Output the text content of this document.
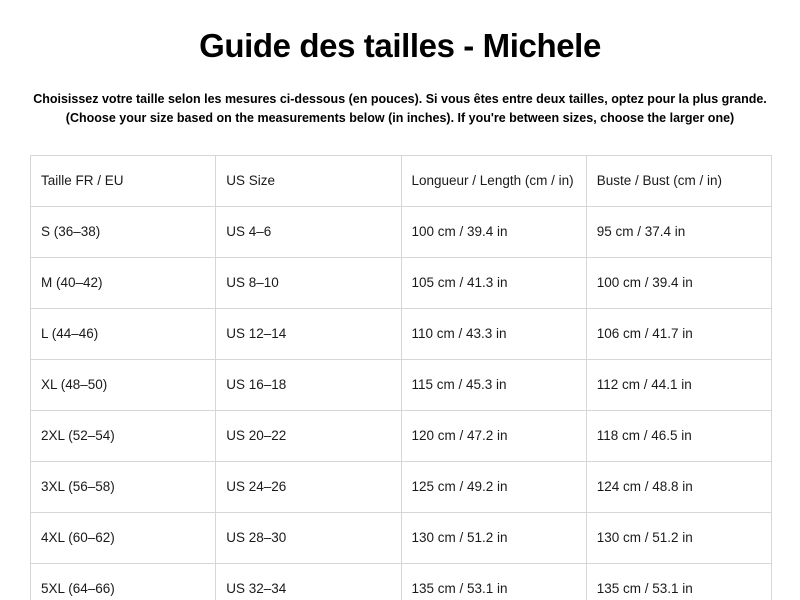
Guide des tailles - Michele

Choisissez votre taille selon les mesures ci-dessous (en pouces). Si vous êtes entre deux tailles, optez pour la plus grande.
(Choose your size based on the measurements below (in inches). If you're between sizes, choose the larger one)

Taille FR / EU	US Size	Longueur / Length (cm / in)	Buste / Bust (cm / in)
S (36–38)	US 4–6	100 cm / 39.4 in	95 cm / 37.4 in
M (40–42)	US 8–10	105 cm / 41.3 in	100 cm / 39.4 in
L (44–46)	US 12–14	110 cm / 43.3 in	106 cm / 41.7 in
XL (48–50)	US 16–18	115 cm / 45.3 in	112 cm / 44.1 in
2XL (52–54)	US 20–22	120 cm / 47.2 in	118 cm / 46.5 in
3XL (56–58)	US 24–26	125 cm / 49.2 in	124 cm / 48.8 in
4XL (60–62)	US 28–30	130 cm / 51.2 in	130 cm / 51.2 in
5XL (64–66)	US 32–34	135 cm / 53.1 in	135 cm / 53.1 in
